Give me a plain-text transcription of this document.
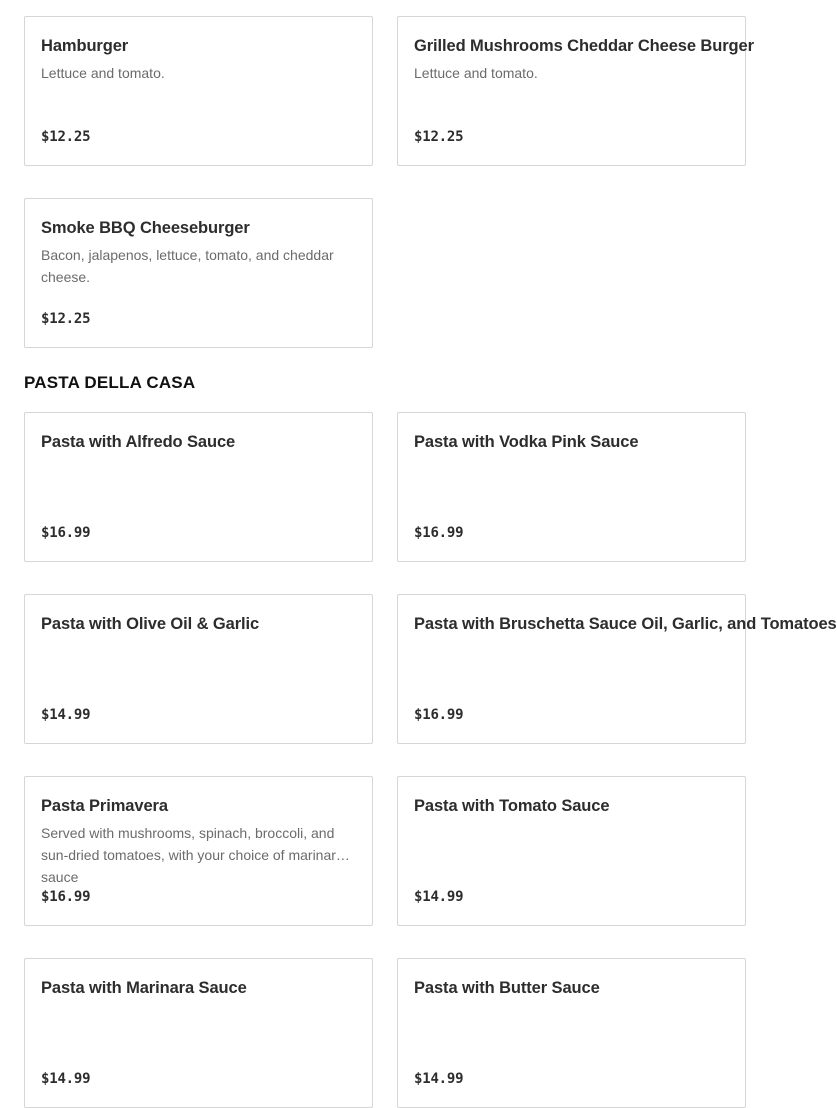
Hamburger
Lettuce and tomato.
$12.25
Grilled Mushrooms Cheddar Cheese Burger
Lettuce and tomato.
$12.25
Smoke BBQ Cheeseburger
Bacon, jalapenos, lettuce, tomato, and cheddar cheese.
$12.25
PASTA DELLA CASA
Pasta with Alfredo Sauce
$16.99
Pasta with Vodka Pink Sauce
$16.99
Pasta with Olive Oil & Garlic
$14.99
Pasta with Bruschetta Sauce Oil, Garlic, and Tomatoes
$16.99
Pasta Primavera
Served with mushrooms, spinach, broccoli, and sun-dried tomatoes, with your choice of marinara sauce
$16.99
Pasta with Tomato Sauce
$14.99
Pasta with Marinara Sauce
$14.99
Pasta with Butter Sauce
$14.99
